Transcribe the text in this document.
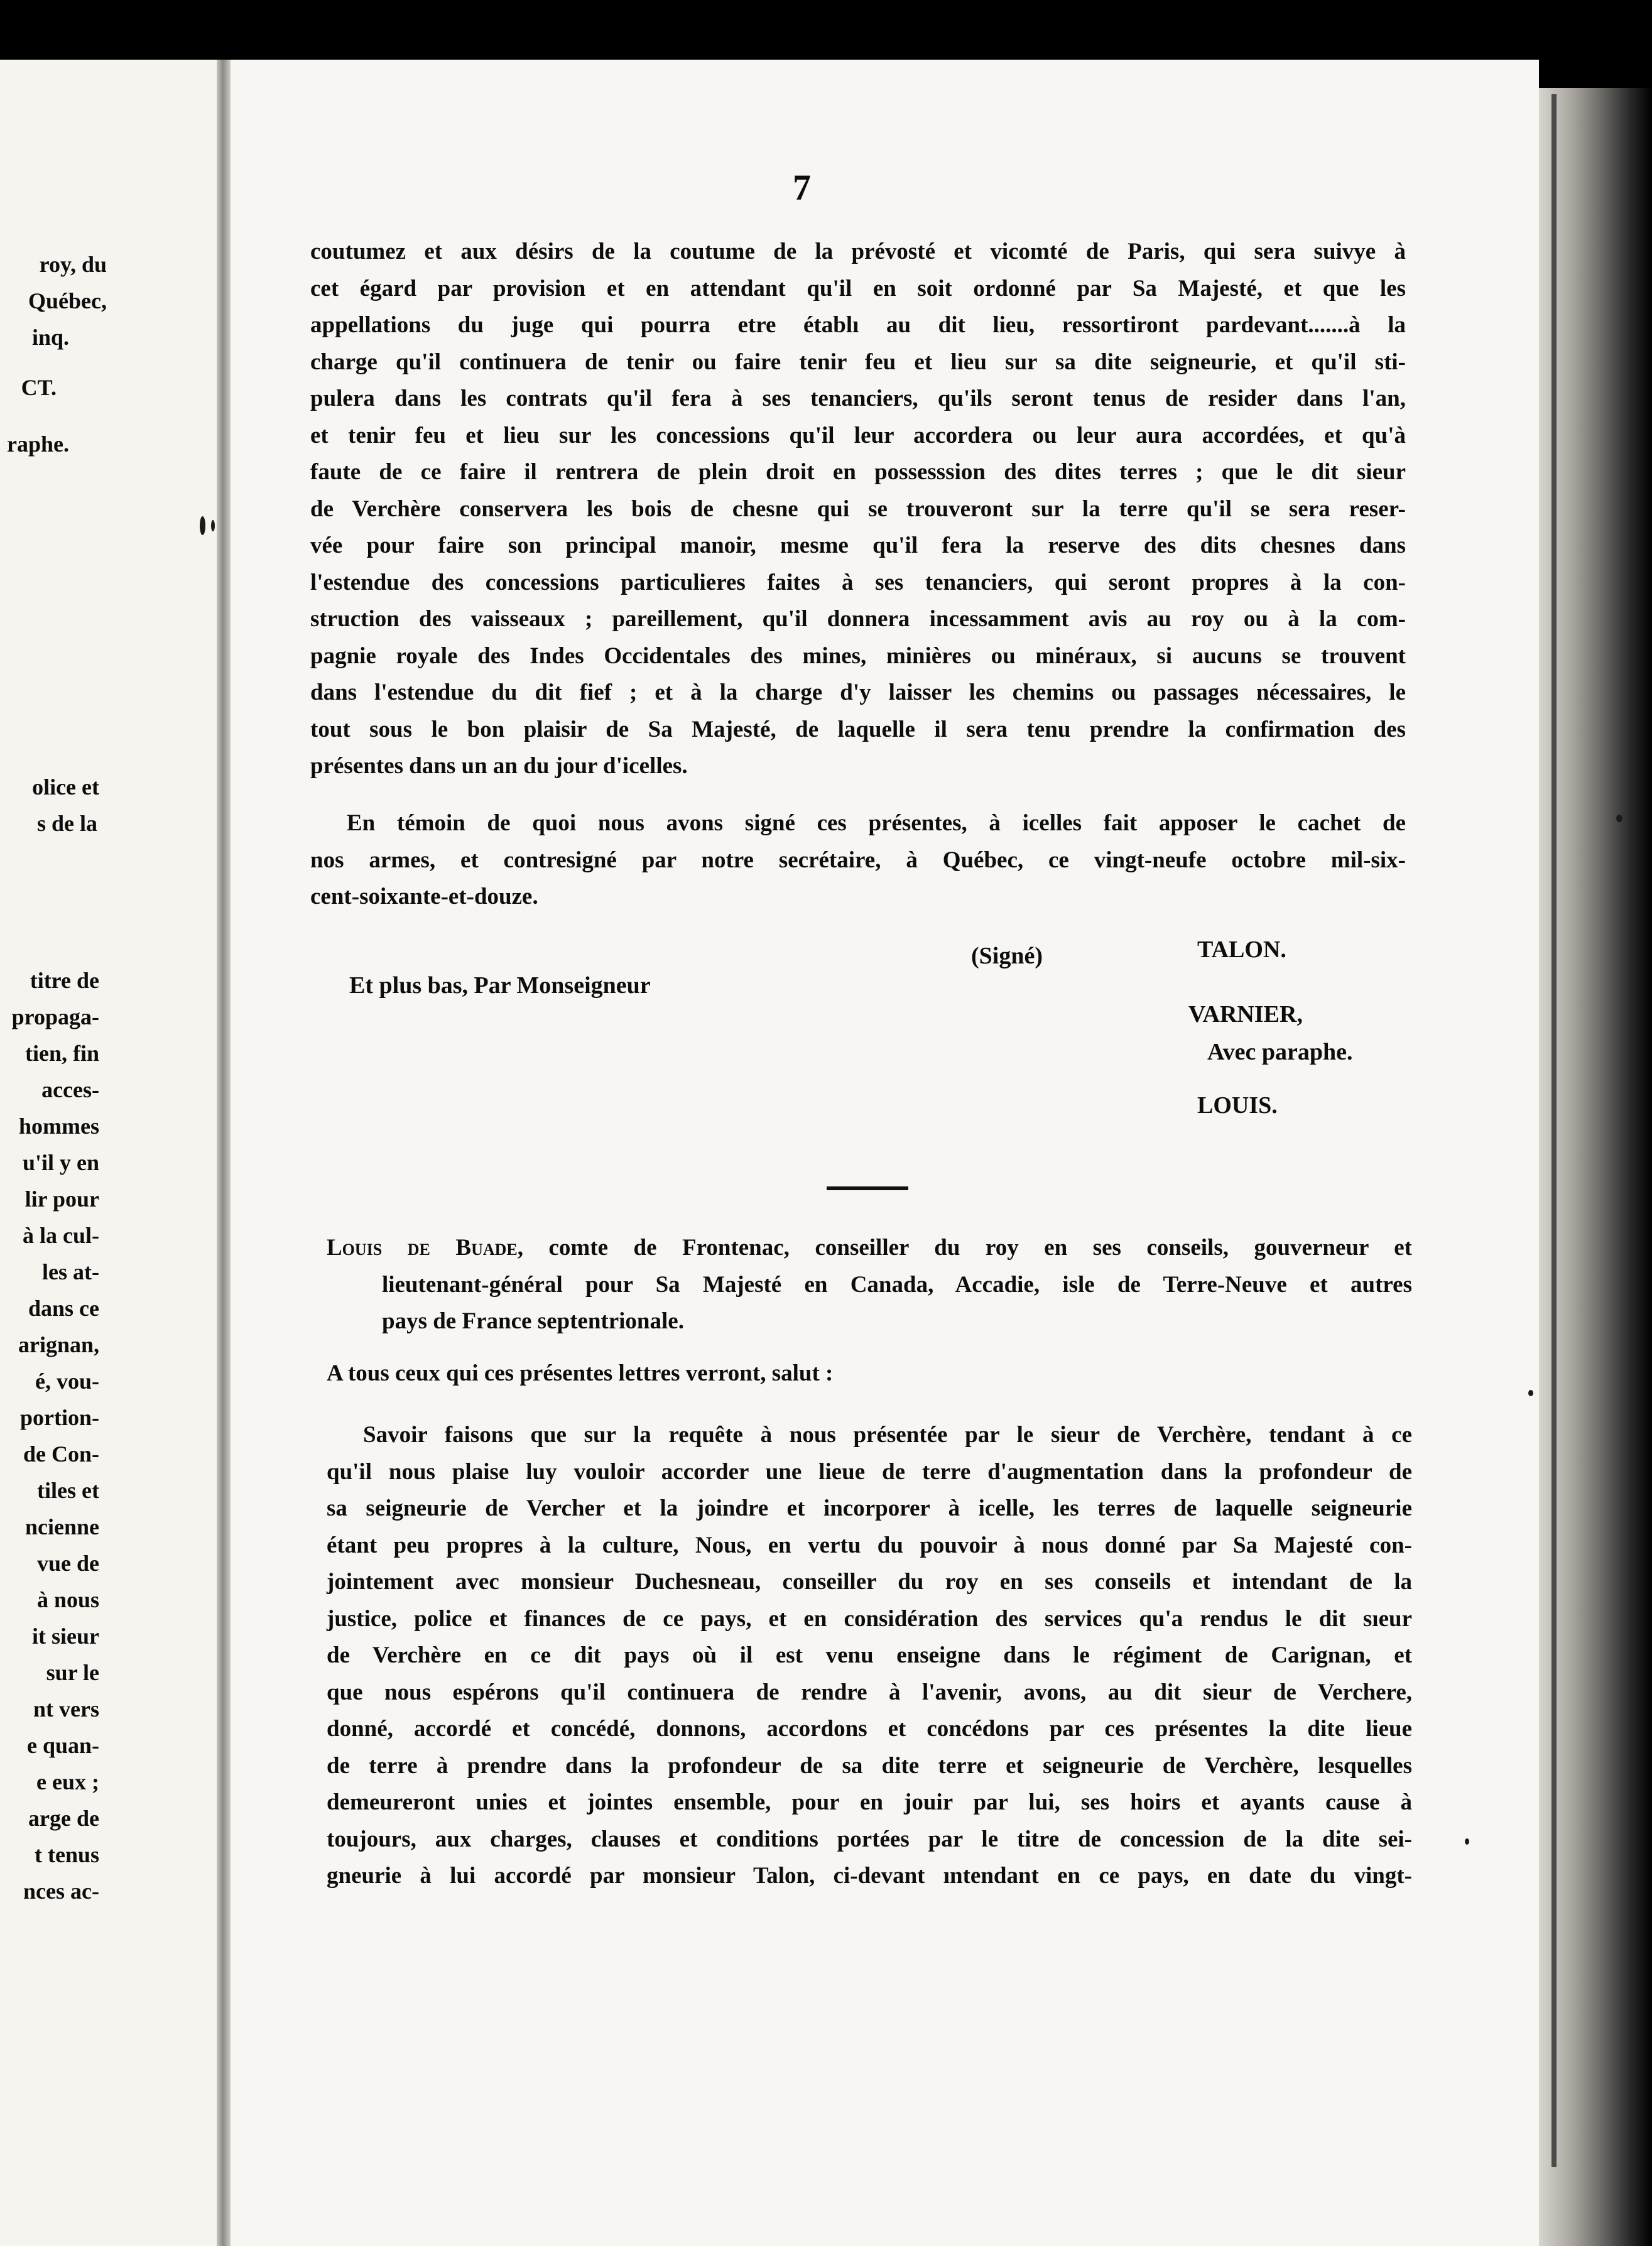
roy, du
Québec,
inq.
CT.
raphe.
olice et
s de la
titre de
propaga-
tien, fin
acces-
hommes
u'il y en
lir pour
à la cul-
les at-
dans ce
arignan,
é, vou-
portion-
de Con-
tiles et
ncienne
vue de
à nous
it sieur
sur le
nt vers
e quan-
e eux ;
arge de
t tenus
nces ac-
7
coutumez et aux désirs de la coutume de la prévosté et vicomté de Paris, qui sera suivye à
cet égard par provision et en attendant qu'il en soit ordonné par Sa Majesté, et que les
appellations du juge qui pourra etre établı au dit lieu, ressortiront pardevant.......à la
charge qu'il continuera de tenir ou faire tenir feu et lieu sur sa dite seigneurie, et qu'il sti-
pulera dans les contrats qu'il fera à ses tenanciers, qu'ils seront tenus de resider dans l'an,
et tenir feu et lieu sur les concessions qu'il leur accordera ou leur aura accordées, et qu'à
faute de ce faire il rentrera de plein droit en possesssion des dites terres ; que le dit sieur
de Verchère conservera les bois de chesne qui se trouveront sur la terre qu'il se sera reser-
vée pour faire son principal manoir, mesme qu'il fera la reserve des dits chesnes dans
l'estendue des concessions particulieres faites à ses tenanciers, qui seront propres à la con-
struction des vaisseaux ; pareillement, qu'il donnera incessamment avis au roy ou à la com-
pagnie royale des Indes Occidentales des mines, minières ou minéraux, si aucuns se trouvent
dans l'estendue du dit fief ; et à la charge d'y laisser les chemins ou passages nécessaires, le
tout sous le bon plaisir de Sa Majesté, de laquelle il sera tenu prendre la confirmation des
présentes dans un an du jour d'icelles.
En témoin de quoi nous avons signé ces présentes, à icelles fait apposer le cachet de
nos armes, et contresigné par notre secrétaire, à Québec, ce vingt-neufe octobre mil-six-
cent-soixante-et-douze.
(Signé)	TALON.
Et plus bas, Par Monseigneur
VARNIER,
Avec paraphe.
LOUIS.
Louis de Buade, comte de Frontenac, conseiller du roy en ses conseils, gouverneur et
lieutenant-général pour Sa Majesté en Canada, Accadie, isle de Terre-Neuve et autres
pays de France septentrionale.
A tous ceux qui ces présentes lettres verront, salut :
Savoir faisons que sur la requête à nous présentée par le sieur de Verchère, tendant à ce
qu'il nous plaise luy vouloir accorder une lieue de terre d'augmentation dans la profondeur de
sa seigneurie de Vercher et la joindre et incorporer à icelle, les terres de laquelle seigneurie
étant peu propres à la culture, Nous, en vertu du pouvoir à nous donné par Sa Majesté con-
jointement avec monsieur Duchesneau, conseiller du roy en ses conseils et intendant de la
justice, police et finances de ce pays, et en considération des services qu'a rendus le dit sıeur
de Verchère en ce dit pays où il est venu enseigne dans le régiment de Carignan, et
que nous espérons qu'il continuera de rendre à l'avenir, avons, au dit sieur de Verchere,
donné, accordé et concédé, donnons, accordons et concédons par ces présentes la dite lieue
de terre à prendre dans la profondeur de sa dite terre et seigneurie de Verchère, lesquelles
demeureront unies et jointes ensemble, pour en jouir par lui, ses hoirs et ayants cause à
toujours, aux charges, clauses et conditions portées par le titre de concession de la dite sei-
gneurie à lui accordé par monsieur Talon, ci-devant ıntendant en ce pays, en date du vingt-
